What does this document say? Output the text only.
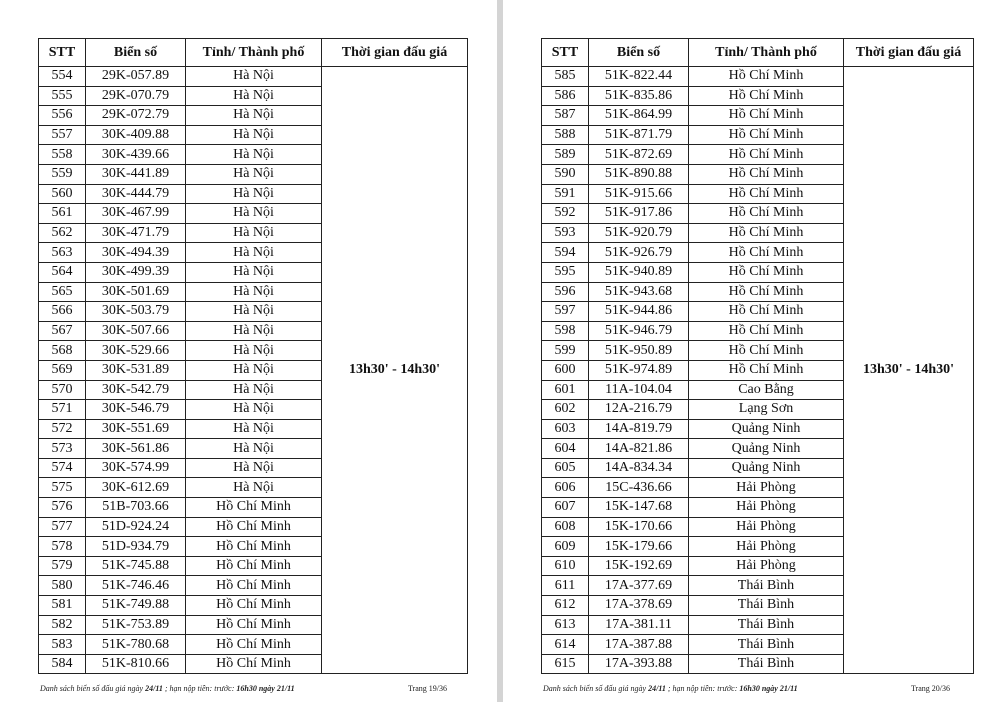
STT	Biển số	Tỉnh/ Thành phố	Thời gian đấu giá
554	29K-057.89	Hà Nội	13h30' - 14h30'
555	29K-070.79	Hà Nội	
556	29K-072.79	Hà Nội	
557	30K-409.88	Hà Nội	
558	30K-439.66	Hà Nội	
559	30K-441.89	Hà Nội	
560	30K-444.79	Hà Nội	
561	30K-467.99	Hà Nội	
562	30K-471.79	Hà Nội	
563	30K-494.39	Hà Nội	
564	30K-499.39	Hà Nội	
565	30K-501.69	Hà Nội	
566	30K-503.79	Hà Nội	
567	30K-507.66	Hà Nội	
568	30K-529.66	Hà Nội	
569	30K-531.89	Hà Nội	
570	30K-542.79	Hà Nội	
571	30K-546.79	Hà Nội	
572	30K-551.69	Hà Nội	
573	30K-561.86	Hà Nội	
574	30K-574.99	Hà Nội	
575	30K-612.69	Hà Nội	
576	51B-703.66	Hồ Chí Minh	
577	51D-924.24	Hồ Chí Minh	
578	51D-934.79	Hồ Chí Minh	
579	51K-745.88	Hồ Chí Minh	
580	51K-746.46	Hồ Chí Minh	
581	51K-749.88	Hồ Chí Minh	
582	51K-753.89	Hồ Chí Minh	
583	51K-780.68	Hồ Chí Minh	
584	51K-810.66	Hồ Chí Minh	
Danh sách biển số đấu giá ngày 24/11 ; hạn nộp tiền: trước: 16h30 ngày 21/11	Trang 19/36
STT	Biển số	Tỉnh/ Thành phố	Thời gian đấu giá
585	51K-822.44	Hồ Chí Minh	13h30' - 14h30'
586	51K-835.86	Hồ Chí Minh	
587	51K-864.99	Hồ Chí Minh	
588	51K-871.79	Hồ Chí Minh	
589	51K-872.69	Hồ Chí Minh	
590	51K-890.88	Hồ Chí Minh	
591	51K-915.66	Hồ Chí Minh	
592	51K-917.86	Hồ Chí Minh	
593	51K-920.79	Hồ Chí Minh	
594	51K-926.79	Hồ Chí Minh	
595	51K-940.89	Hồ Chí Minh	
596	51K-943.68	Hồ Chí Minh	
597	51K-944.86	Hồ Chí Minh	
598	51K-946.79	Hồ Chí Minh	
599	51K-950.89	Hồ Chí Minh	
600	51K-974.89	Hồ Chí Minh	
601	11A-104.04	Cao Bằng	
602	12A-216.79	Lạng Sơn	
603	14A-819.79	Quảng Ninh	
604	14A-821.86	Quảng Ninh	
605	14A-834.34	Quảng Ninh	
606	15C-436.66	Hải Phòng	
607	15K-147.68	Hải Phòng	
608	15K-170.66	Hải Phòng	
609	15K-179.66	Hải Phòng	
610	15K-192.69	Hải Phòng	
611	17A-377.69	Thái Bình	
612	17A-378.69	Thái Bình	
613	17A-381.11	Thái Bình	
614	17A-387.88	Thái Bình	
615	17A-393.88	Thái Bình	
Danh sách biển số đấu giá ngày 24/11 ; hạn nộp tiền: trước: 16h30 ngày 21/11	Trang 20/36
